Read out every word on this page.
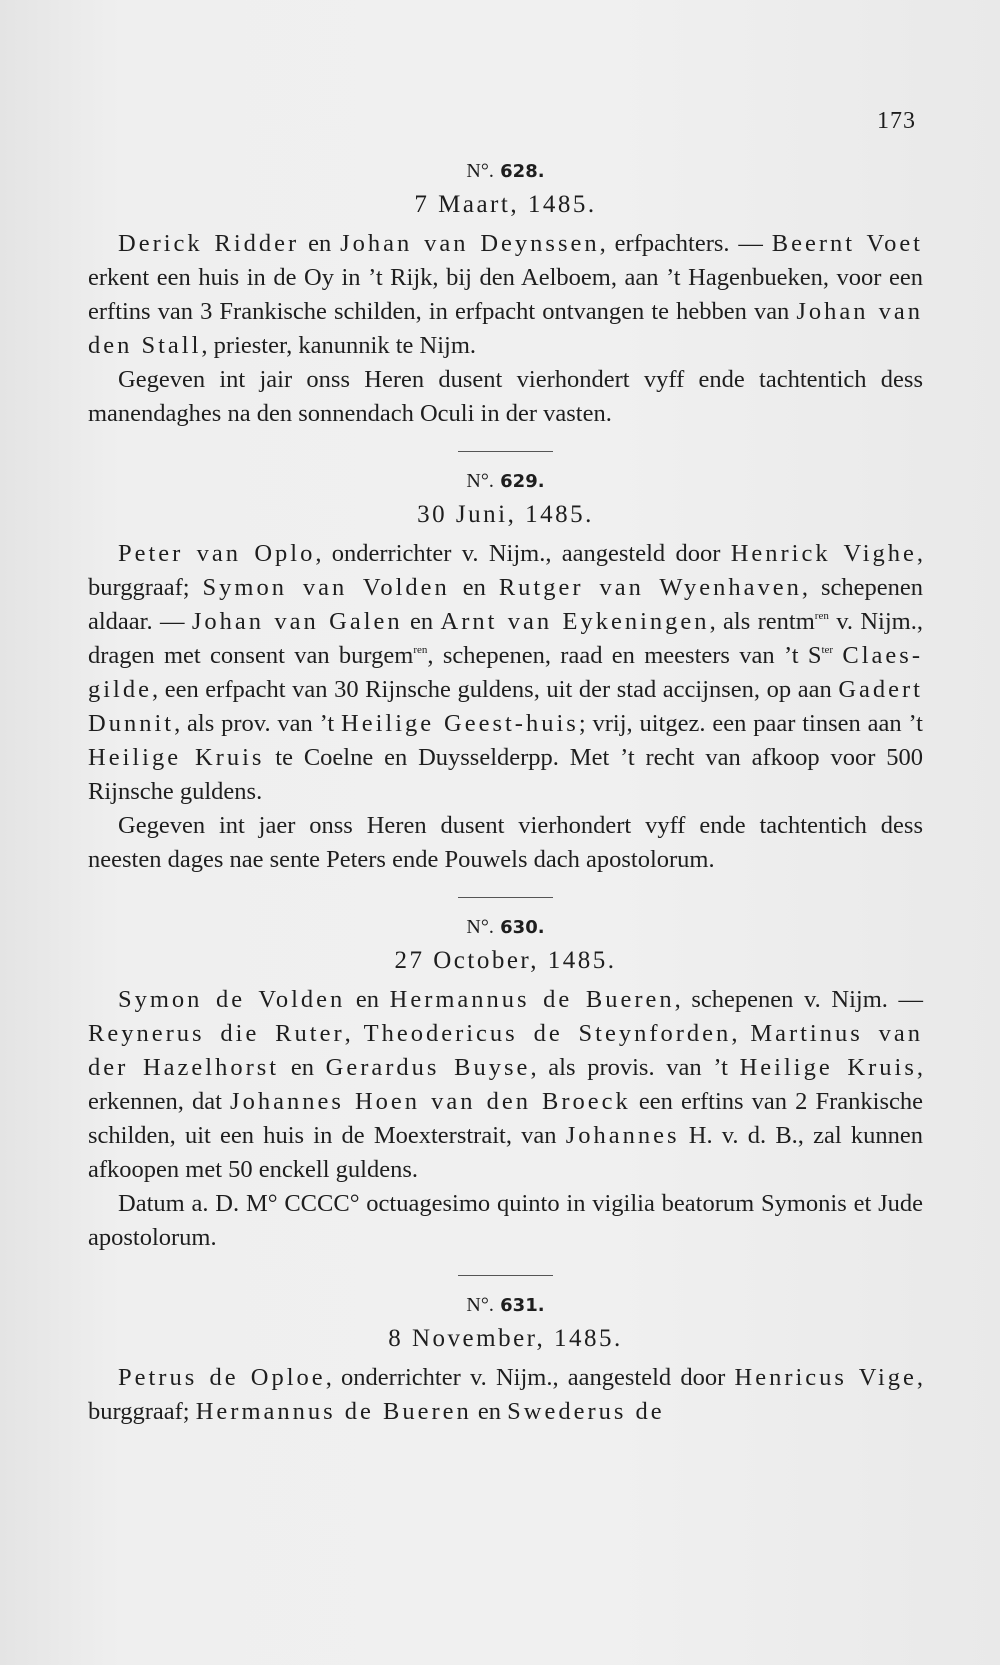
173
N°. 628.
7 Maart, 1485.

Derick Ridder en Johan van Deynssen, erfpachters. — Beernt Voet erkent een huis in de Oy in ’t Rijk, bij den Aelboem, aan ’t Hagenbueken, voor een erftins van 3 Frankische schilden, in erfpacht ontvangen te hebben van Johan van den Stall, priester, kanunnik te Nijm.

Gegeven int jair onss Heren dusent vierhondert vyff ende tachtentich dess manendaghes na den sonnendach Oculi in der vasten.

N°. 629.
30 Juni, 1485.

Peter van Oplo, onderrichter v. Nijm., aangesteld door Henrick Vighe, burggraaf; Symon van Volden en Rutger van Wyenhaven, schepenen aldaar. — Johan van Galen en Arnt van Eykeningen, als rentm$^{ren}$ v. Nijm., dragen met consent van burgem$^{ren}$, schepenen, raad en meesters van ’t $S^{ter}$ Claes-gilde, een erfpacht van 30 Rijnsche guldens, uit der stad accijnsen, op aan Gadert Dunnit, als prov. van ’t Heilige Geest-huis; vrij, uitgez. een paar tinsen aan ’t Heilige Kruis te Coelne en Duysselderpp. Met ’t recht van afkoop voor 500 Rijnsche guldens.

Gegeven int jaer onss Heren dusent vierhondert vyff ende tachtentich dess neesten dages nae sente Peters ende Pouwels dach apostolorum.

N°. 630.
27 October, 1485.

Symon de Volden en Hermannus de Bueren, schepenen v. Nijm. — Reynerus die Ruter, Theodericus de Steynforden, Martinus van der Hazelhorst en Gerardus Buyse, als provis. van ’t Heilige Kruis, erkennen, dat Johannes Hoen van den Broeck een erftins van 2 Frankische schilden, uit een huis in de Moexterstrait, van Johannes H. v. d. B., zal kunnen afkoopen met 50 enckell guldens.

Datum a. D. M° CCCC° octuagesimo quinto in vigilia beatorum Symonis et Jude apostolorum.

N°. 631.
8 November, 1485.

Petrus de Oploe, onderrichter v. Nijm., aangesteld door Henricus Vige, burggraaf; Hermannus de Bueren en Swederus de
